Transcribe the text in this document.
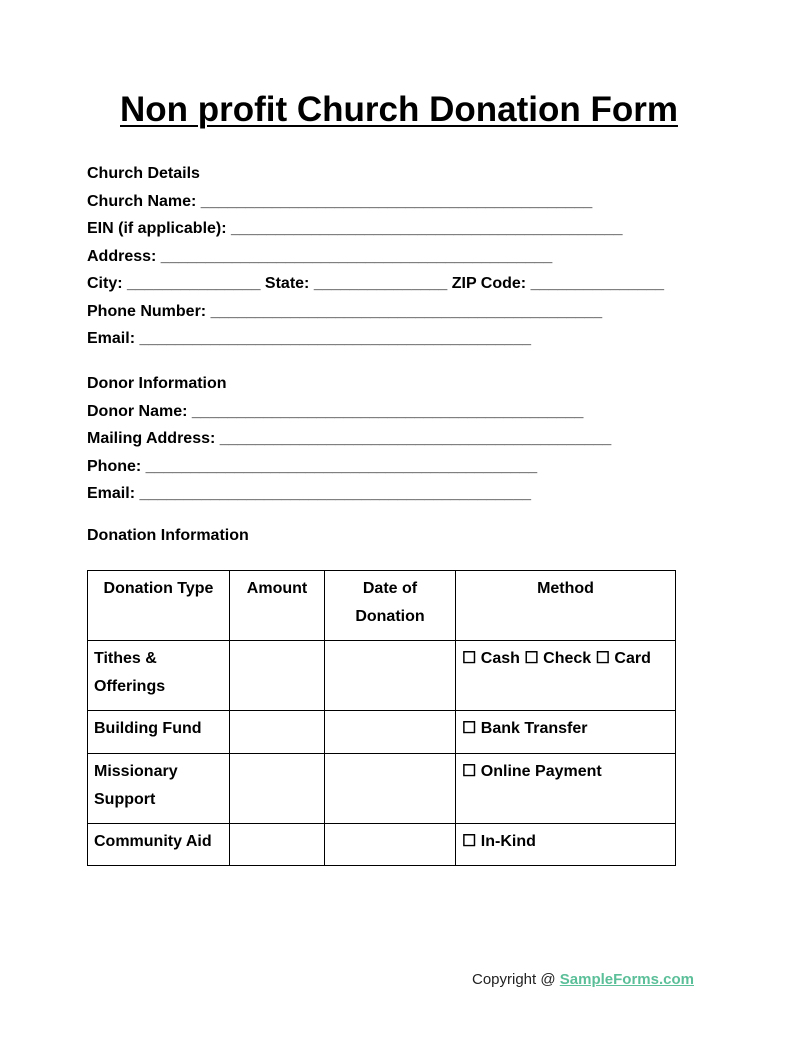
Non profit Church Donation Form
Church Details
Church Name: ____________________________________________
EIN (if applicable): ____________________________________________
Address: ____________________________________________
City: _______________ State: _______________ ZIP Code: _______________
Phone Number: ____________________________________________
Email: ____________________________________________
Donor Information
Donor Name: ____________________________________________
Mailing Address: ____________________________________________
Phone: ____________________________________________
Email: ____________________________________________
Donation Information
Donation Type	Amount	Date of Donation	Method
Tithes & Offerings			☐ Cash ☐ Check ☐ Card
Building Fund			☐ Bank Transfer
Missionary Support			☐ Online Payment
Community Aid			☐ In-Kind
Copyright @ SampleForms.com
